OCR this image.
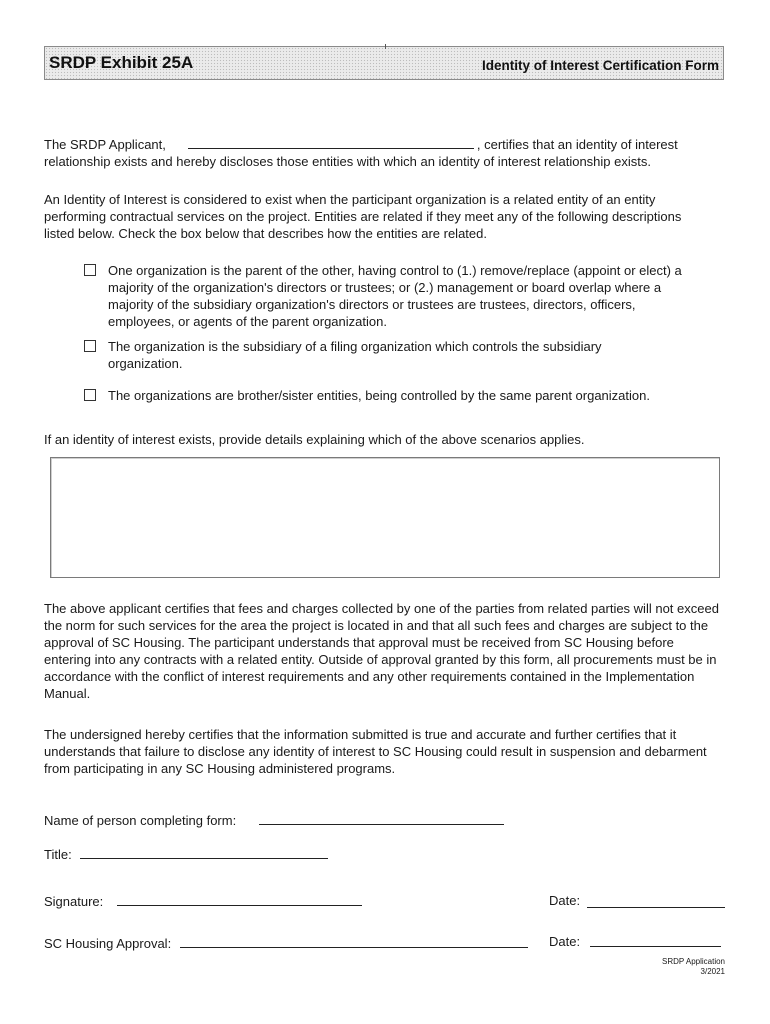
SRDP Exhibit 25A	Identity of Interest Certification Form
The SRDP Applicant,	, certifies that an identity of interest
relationship exists and hereby discloses those entities with which an identity of interest relationship exists.
An Identity of Interest is considered to exist when the participant organization is a related entity of an entity performing contractual services on the project. Entities are related if they meet any of the following descriptions listed below. Check the box below that describes how the entities are related.
One organization is the parent of the other, having control to (1.) remove/replace (appoint or elect) a majority of the organization's directors or trustees; or (2.) management or board overlap where a majority of the subsidiary organization's directors or trustees are trustees, directors, officers, employees, or agents of the parent organization.
The organization is the subsidiary of a filing organization which controls the subsidiary organization.
The organizations are brother/sister entities, being controlled by the same parent organization.
If an identity of interest exists, provide details explaining which of the above scenarios applies.
The above applicant certifies that fees and charges collected by one of the parties from related parties will not exceed the norm for such services for the area the project is located in and that all such fees and charges are subject to the approval of SC Housing. The participant understands that approval must be received from SC Housing before entering into any contracts with a related entity. Outside of approval granted by this form, all procurements must be in accordance with the conflict of interest requirements and any other requirements contained in the Implementation Manual.
The undersigned hereby certifies that the information submitted is true and accurate and further certifies that it understands that failure to disclose any identity of interest to SC Housing could result in suspension and debarment from participating in any SC Housing administered programs.
Name of person completing form:
Title:
Signature:	Date:
SC Housing Approval:	Date:
SRDP Application
3/2021
